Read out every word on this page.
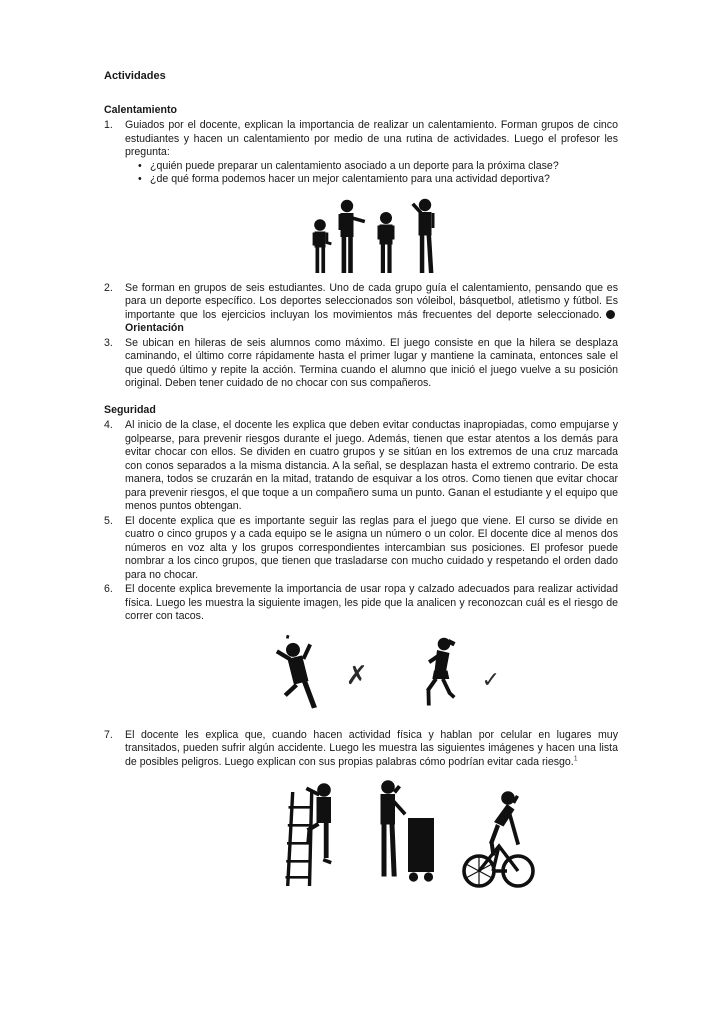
Actividades
Calentamiento
1.	Guiados por el docente, explican la importancia de realizar un calentamiento. Forman grupos de cinco estudiantes y hacen un calentamiento por medio de una rutina de actividades. Luego el profesor les pregunta:
• ¿quién puede preparar un calentamiento asociado a un deporte para la próxima clase?
• ¿de qué forma podemos hacer un mejor calentamiento para una actividad deportiva?
2.	Se forman en grupos de seis estudiantes. Uno de cada grupo guía el calentamiento, pensando que es para un deporte específico. Los deportes seleccionados son vóleibol, básquetbol, atletismo y fútbol. Es importante que los ejercicios incluyan los movimientos más frecuentes del deporte seleccionado.Orientación
3.	Se ubican en hileras de seis alumnos como máximo. El juego consiste en que la hilera se desplaza caminando, el último corre rápidamente hasta el primer lugar y mantiene la caminata, entonces sale el que quedó último y repite la acción. Termina cuando el alumno que inició el juego vuelve a su posición original. Deben tener cuidado de no chocar con sus compañeros.
Seguridad
4.	Al inicio de la clase, el docente les explica que deben evitar conductas inapropiadas, como empujarse y golpearse, para prevenir riesgos durante el juego. Además, tienen que estar atentos a los demás para evitar chocar con ellos. Se dividen en cuatro grupos y se sitúan en los extremos de una cruz marcada con conos separados a la misma distancia. A la señal, se desplazan hasta el extremo contrario. De esta manera, todos se cruzarán en la mitad, tratando de esquivar a los otros. Como tienen que evitar chocar para prevenir riesgos, el que toque a un compañero suma un punto. Ganan el estudiante y el equipo que menos puntos obtengan.
5.	El docente explica que es importante seguir las reglas para el juego que viene. El curso se divide en cuatro o cinco grupos y a cada equipo se le asigna un número o un color. El docente dice al menos dos números en voz alta y los grupos correspondientes intercambian sus posiciones. El profesor puede nombrar a los cinco grupos, que tienen que trasladarse con mucho cuidado y respetando el orden dado para no chocar.
6.	El docente explica brevemente la importancia de usar ropa y calzado adecuados para realizar actividad física. Luego les muestra la siguiente imagen, les pide que la analicen y reconozcan cuál es el riesgo de correr con tacos.
✗	✓
7.	El docente les explica que, cuando hacen actividad física y hablan por celular en lugares muy transitados, pueden sufrir algún accidente. Luego les muestra las siguientes imágenes y hacen una lista de posibles peligros. Luego explican con sus propias palabras cómo podrían evitar cada riesgo.$^1$
